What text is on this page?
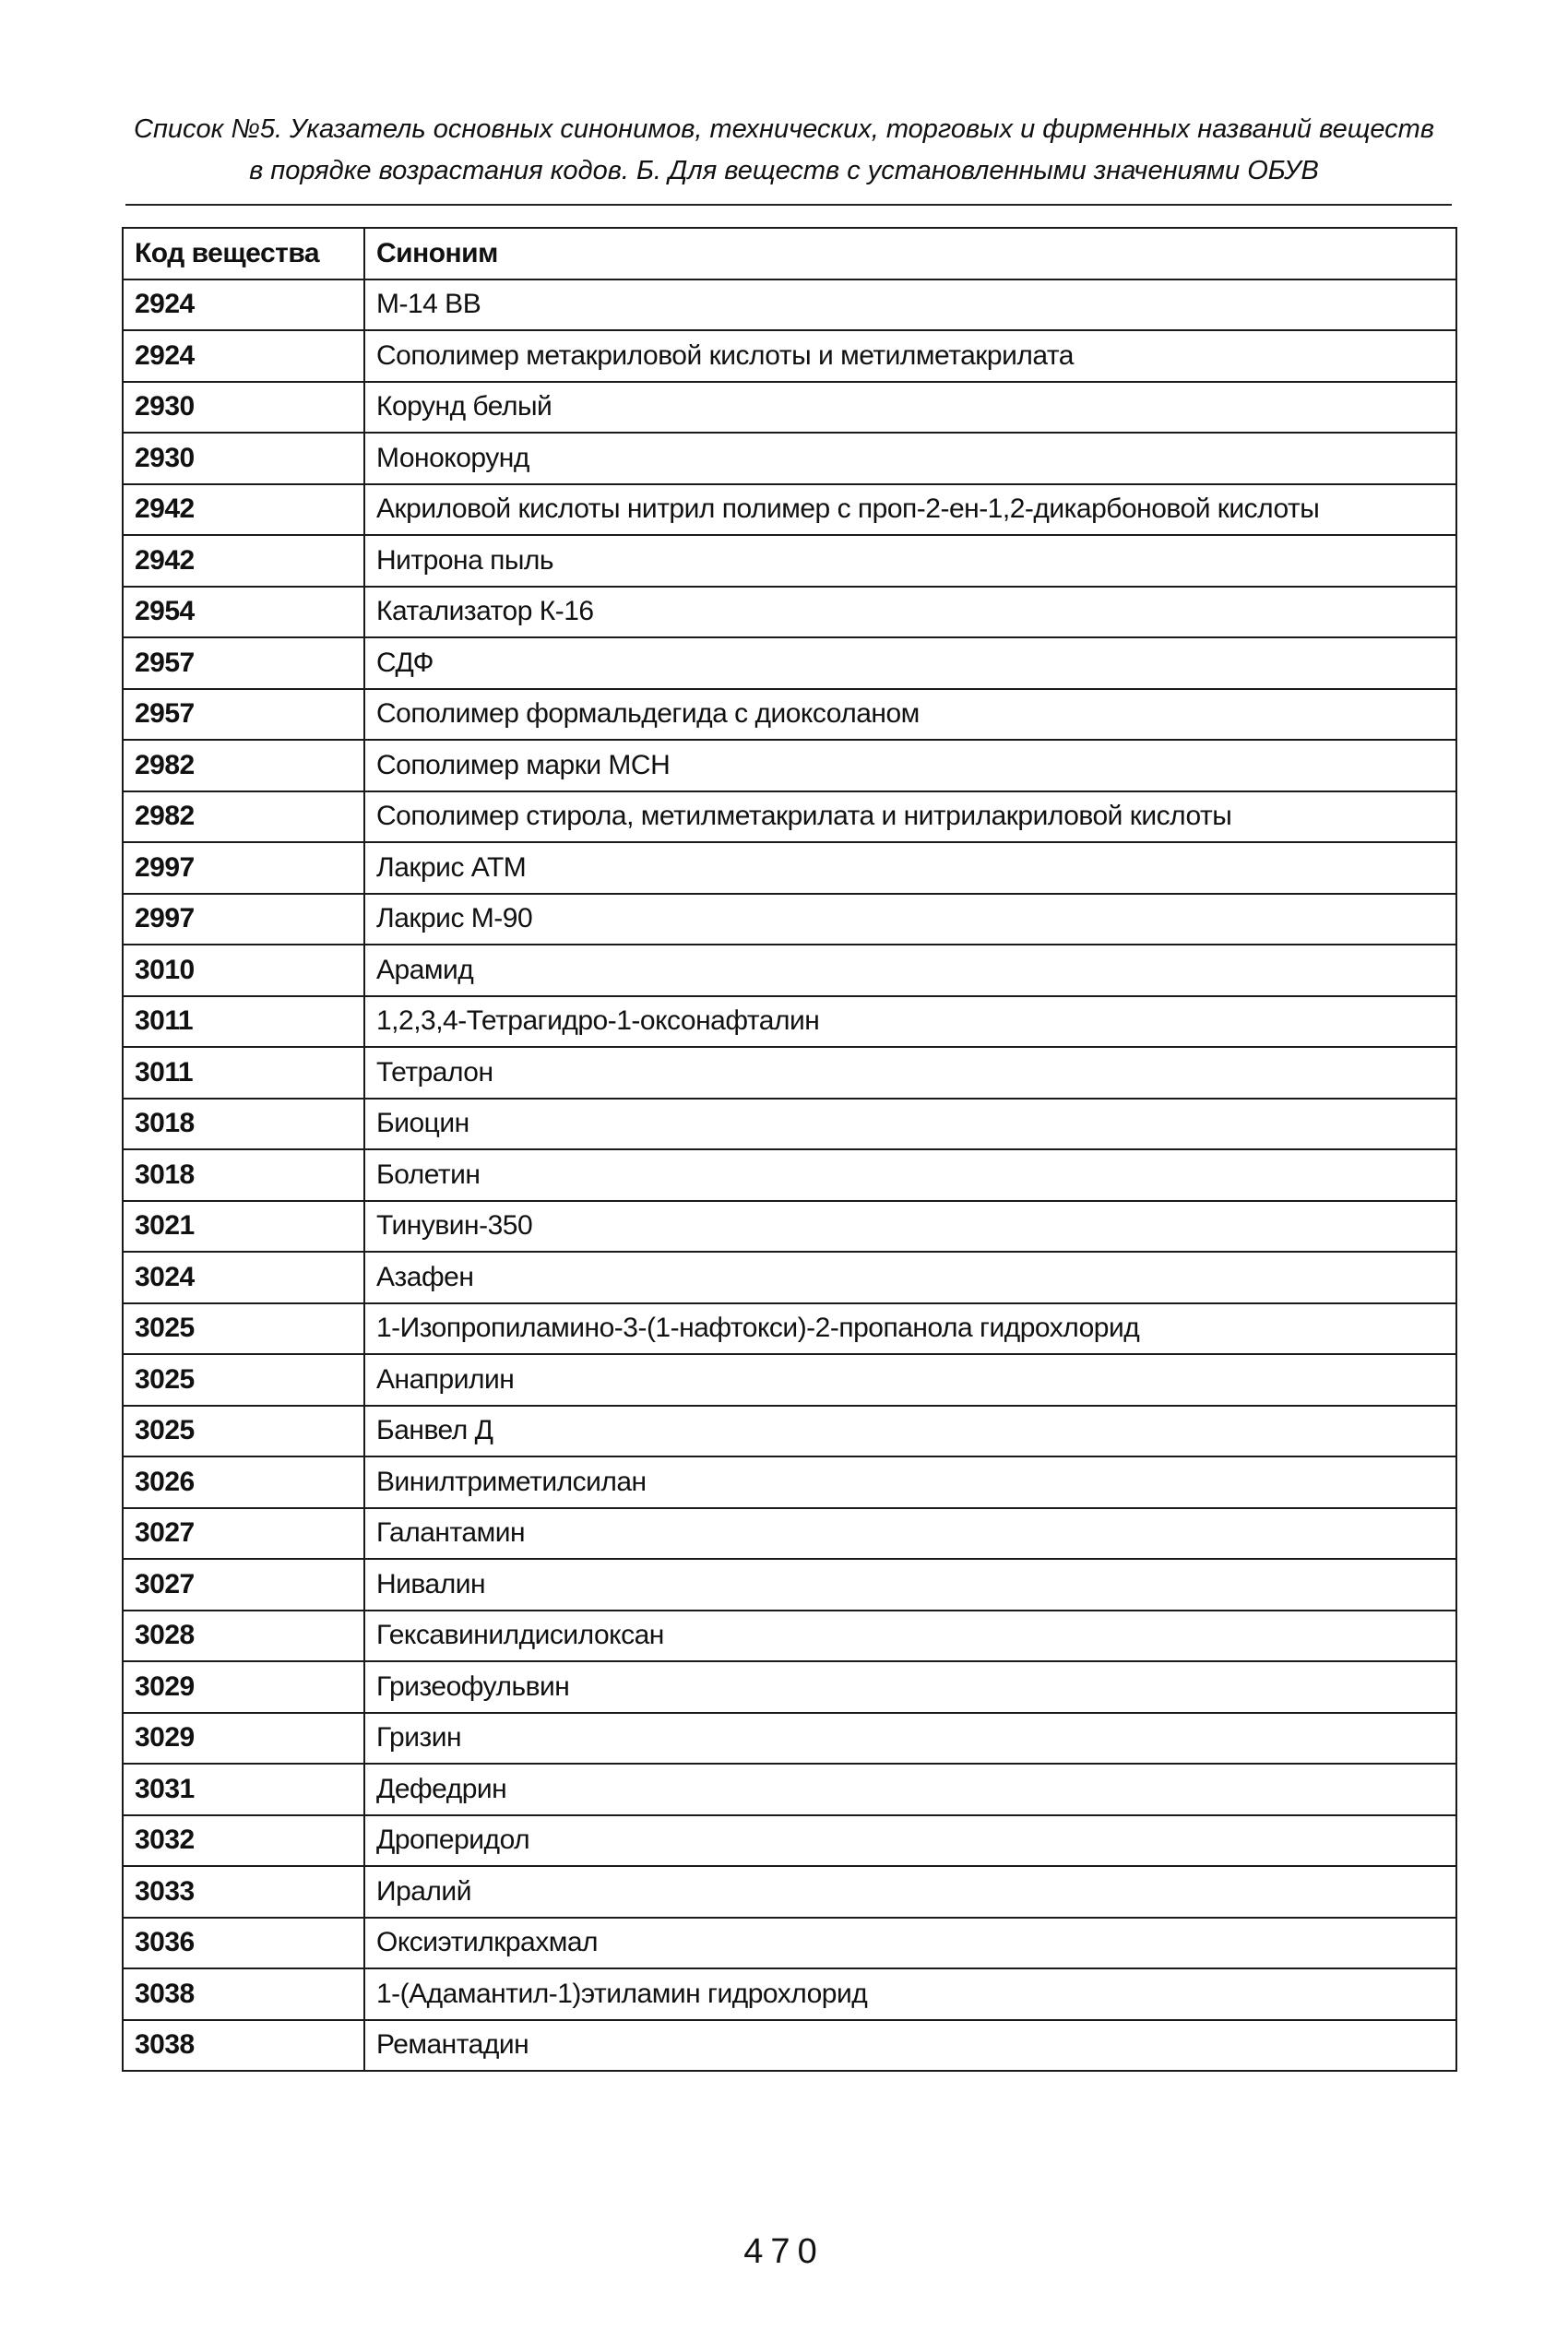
Список №5. Указатель основных синонимов, технических, торговых и фирменных названий веществ
в порядке возрастания кодов. Б. Для веществ с установленными значениями ОБУВ
Код вещества	Синоним
2924	М-14 ВВ
2924	Сополимер метакриловой кислоты и метилметакрилата
2930	Корунд белый
2930	Монокорунд
2942	Акриловой кислоты нитрил полимер с проп-2-ен-1,2-дикарбоновой кислоты
2942	Нитрона пыль
2954	Катализатор К-16
2957	СДФ
2957	Сополимер формальдегида с диоксоланом
2982	Сополимер марки МСН
2982	Сополимер стирола, метилметакрилата и нитрилакриловой кислоты
2997	Лакрис АТМ
2997	Лакрис М-90
3010	Арамид
3011	1,2,3,4-Тетрагидро-1-оксонафталин
3011	Тетралон
3018	Биоцин
3018	Болетин
3021	Тинувин-350
3024	Азафен
3025	1-Изопропиламино-3-(1-нафтокси)-2-пропанола гидрохлорид
3025	Анаприлин
3025	Банвел Д
3026	Винилтриметилсилан
3027	Галантамин
3027	Нивалин
3028	Гексавинилдисилоксан
3029	Гризеофульвин
3029	Гризин
3031	Дефедрин
3032	Дроперидол
3033	Иралий
3036	Оксиэтилкрахмал
3038	1-(Адамантил-1)этиламин гидрохлорид
3038	Ремантадин
470
